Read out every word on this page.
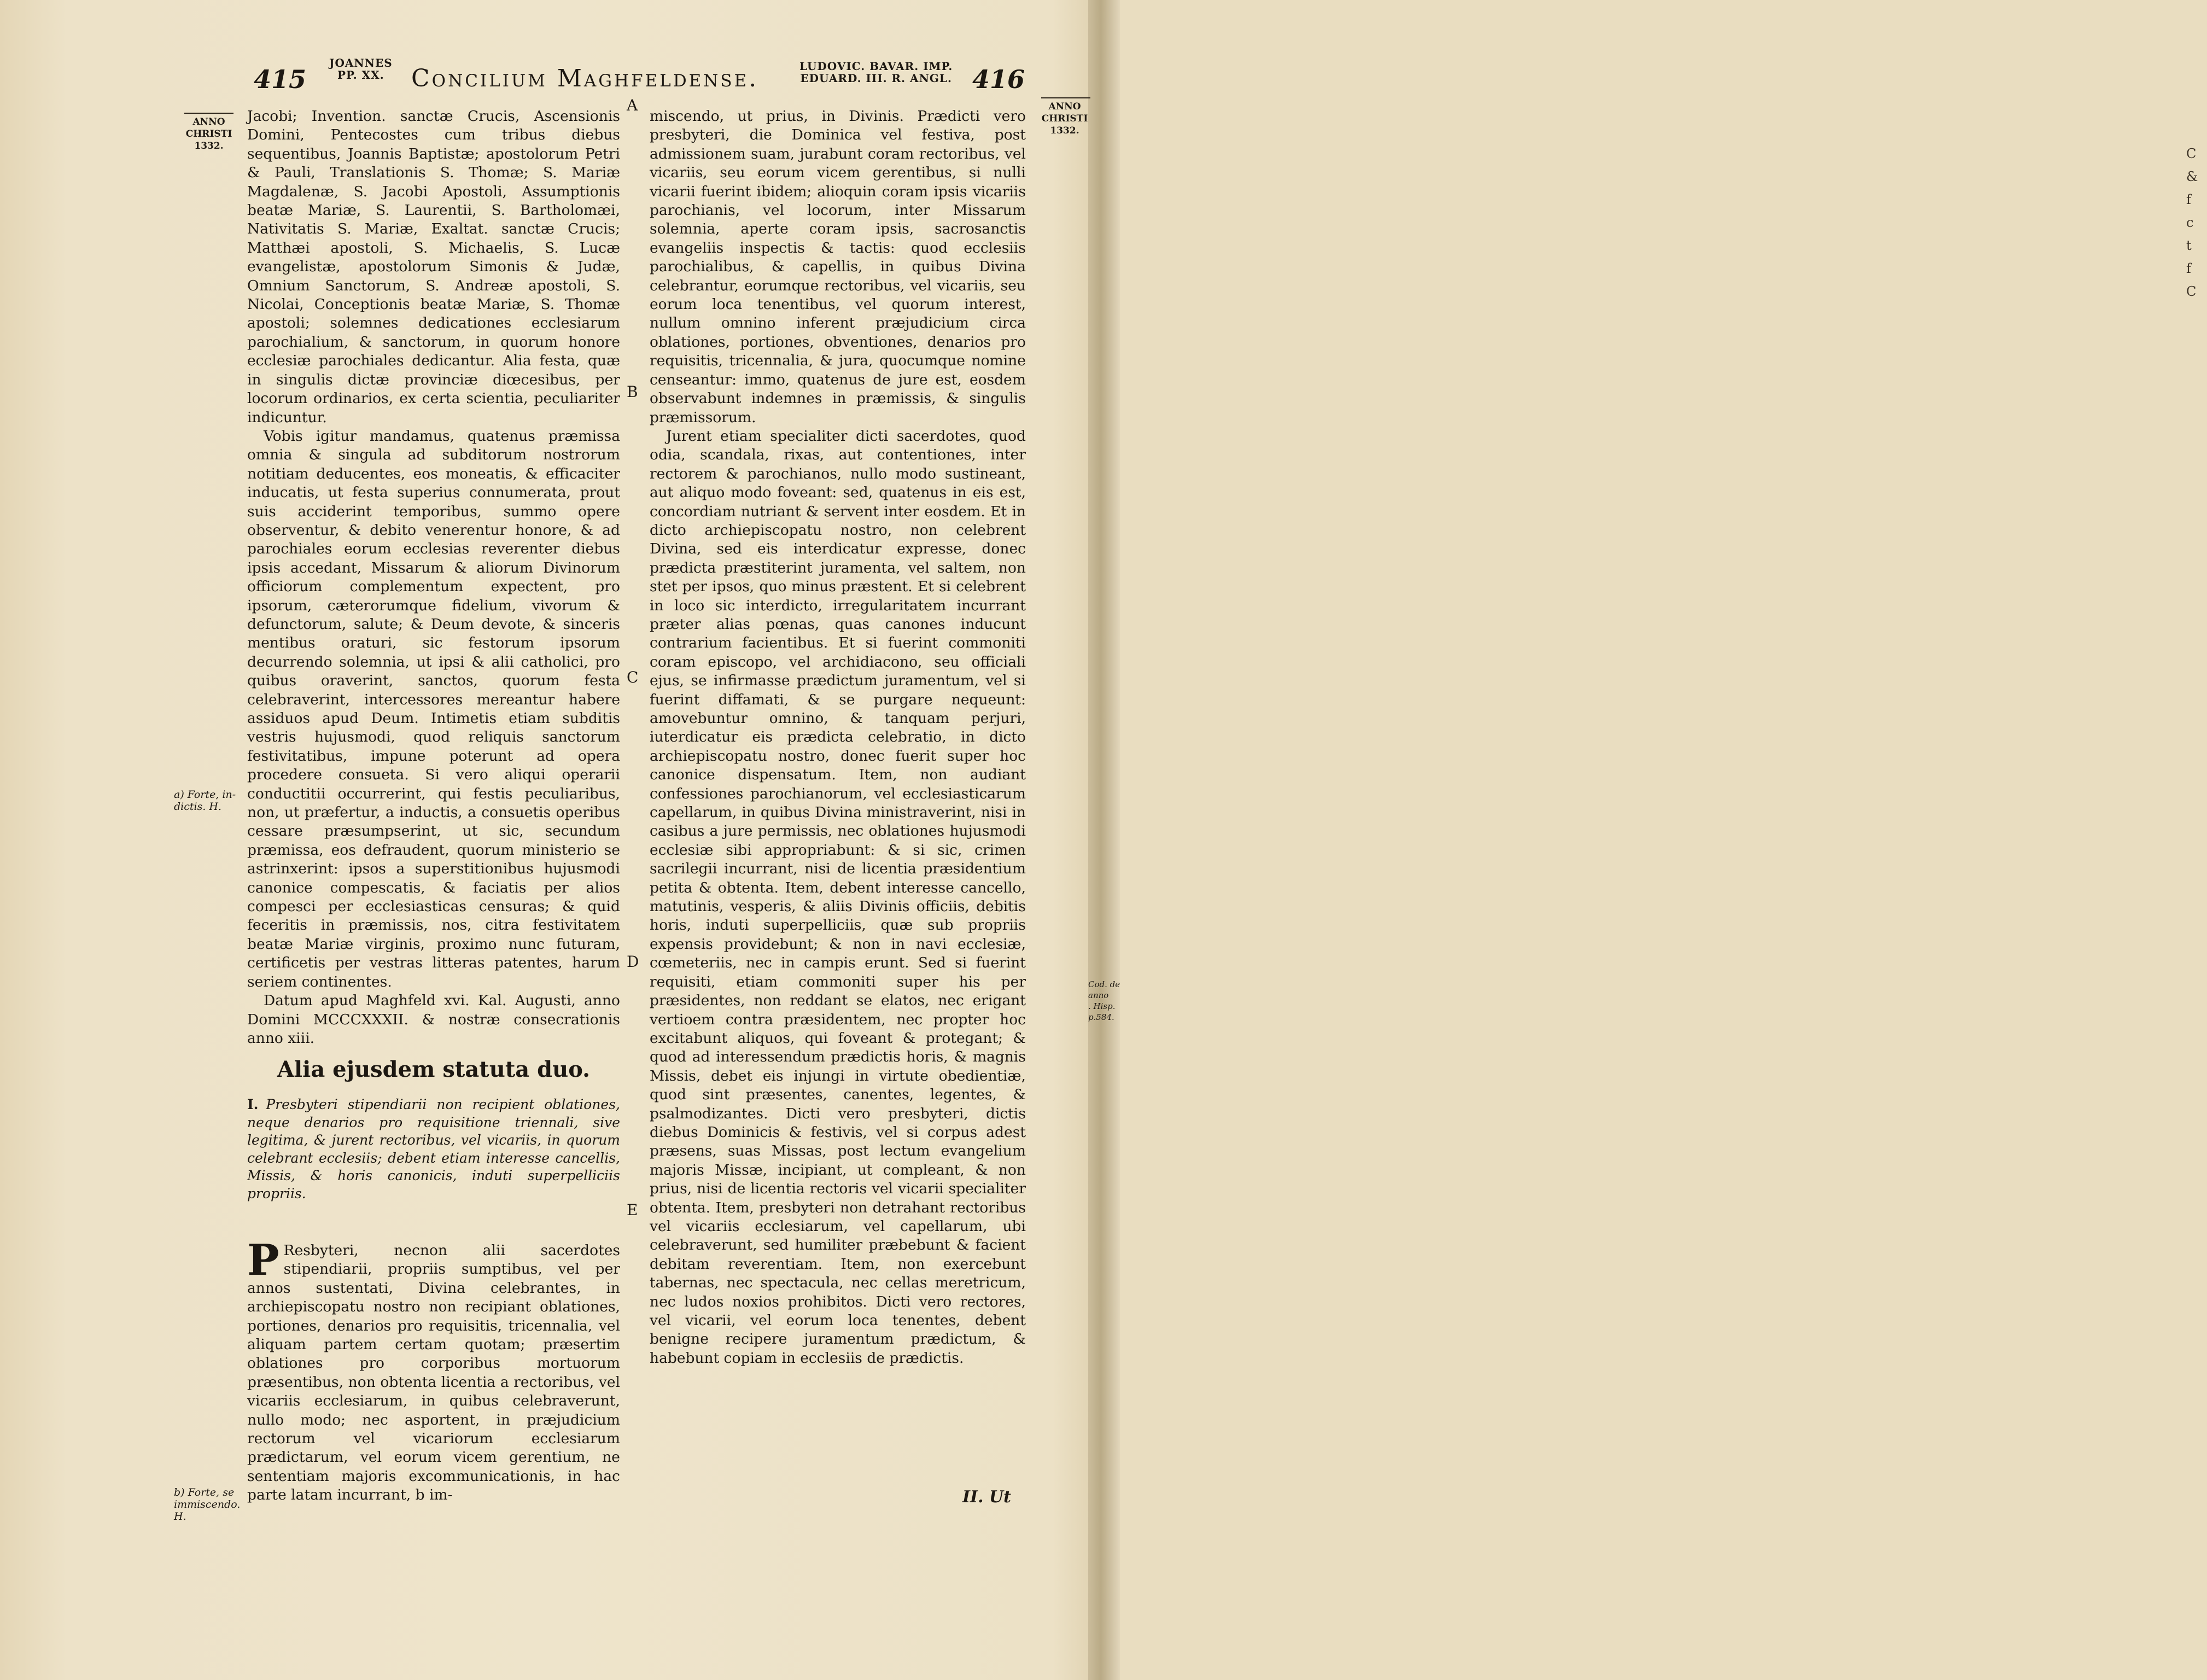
C
&
f
c
t
f
C
415
JOANNES
PP. XX.	Concilium Maghfeldense.	LUDOVIC. BAVAR. IMP.
EDUARD. III. R. ANGL. 416
ANNO
CHRISTI
1332.
ANNO
CHRISTI
1332.
a) Forte, in-
dictis. H.
b) Forte, se
immiscendo.
H.
Cod. de
anno
. Hisp.
p.584.
A
B
C
D
E

Jacobi; Invention. sanctæ Crucis, Ascensionis Domini, Pentecostes cum tribus diebus sequentibus, Joannis Baptistæ; apostolorum Petri & Pauli, Translationis S. Thomæ; S. Mariæ Magdalenæ, S. Jacobi Apostoli, Assumptionis beatæ Mariæ, S. Laurentii, S. Bartholomæi, Nativitatis S. Mariæ, Exaltat. sanctæ Crucis; Matthæi apostoli, S. Michaelis, S. Lucæ evangelistæ, apostolorum Simonis & Judæ, Omnium Sanctorum, S. Andreæ apostoli, S. Nicolai, Conceptionis beatæ Mariæ, S. Thomæ apostoli; solemnes dedicationes ecclesiarum parochialium, & sanctorum, in quorum honore ecclesiæ parochiales dedicantur. Alia festa, quæ in singulis dictæ provinciæ diœcesibus, per locorum ordinarios, ex certa scientia, peculiariter indicuntur.

Vobis igitur mandamus, quatenus præmissa omnia & singula ad subditorum nostrorum notitiam deducentes, eos moneatis, & efficaciter inducatis, ut festa superius connumerata, prout suis acciderint temporibus, summo opere observentur, & debito venerentur honore, & ad parochiales eorum ecclesias reverenter diebus ipsis accedant, Missarum & aliorum Divinorum officiorum complementum expectent, pro ipsorum, cæterorumque fidelium, vivorum & defunctorum, salute; & Deum devote, & sinceris mentibus oraturi, sic festorum ipsorum decurrendo solemnia, ut ipsi & alii catholici, pro quibus oraverint, sanctos, quorum festa celebraverint, intercessores mereantur habere assiduos apud Deum. Intimetis etiam subditis vestris hujusmodi, quod reliquis sanctorum festivitatibus, impune poterunt ad opera procedere consueta. Si vero aliqui operarii conductitii occurrerint, qui festis peculiaribus, non, ut præfertur, a inductis, a consuetis operibus cessare præsumpserint, ut sic, secundum præmissa, eos defraudent, quorum ministerio se astrinxerint: ipsos a superstitionibus hujusmodi canonice compescatis, & faciatis per alios compesci per ecclesiasticas censuras; & quid feceritis in præmissis, nos, citra festivitatem beatæ Mariæ virginis, proximo nunc futuram, certificetis per vestras litteras patentes, harum seriem continentes.

Datum apud Maghfeld xvi. Kal. Augusti, anno Domini MCCCXXXII. & nostræ consecrationis anno xiii.

Alia ejusdem statuta duo.
I. Presbyteri stipendiarii non recipient oblationes, neque denarios pro requisitione triennali, sive legitima, & jurent rectoribus, vel vicariis, in quorum celebrant ecclesiis; debent etiam interesse cancellis, Missis, & horis canonicis, induti superpelliciis propriis.

P Resbyteri, necnon alii sacerdotes stipendiarii, propriis sumptibus, vel per annos sustentati, Divina celebrantes, in archiepiscopatu nostro non recipiant oblationes, portiones, denarios pro requisitis, tricennalia, vel aliquam partem certam quotam; præsertim oblationes pro corporibus mortuorum præsentibus, non obtenta licentia a rectoribus, vel vicariis ecclesiarum, in quibus celebraverunt, nullo modo; nec asportent, in præjudicium rectorum vel vicariorum ecclesiarum prædictarum, vel eorum vicem gerentium, ne sententiam majoris excommunicationis, in hac parte latam incurrant, b im-

miscendo, ut prius, in Divinis. Prædicti vero presbyteri, die Dominica vel festiva, post admissionem suam, jurabunt coram rectoribus, vel vicariis, seu eorum vicem gerentibus, si nulli vicarii fuerint ibidem; alioquin coram ipsis vicariis parochianis, vel locorum, inter Missarum solemnia, aperte coram ipsis, sacrosanctis evangeliis inspectis & tactis: quod ecclesiis parochialibus, & capellis, in quibus Divina celebrantur, eorumque rectoribus, vel vicariis, seu eorum loca tenentibus, vel quorum interest, nullum omnino inferent præjudicium circa oblationes, portiones, obventiones, denarios pro requisitis, tricennalia, & jura, quocumque nomine censeantur: immo, quatenus de jure est, eosdem observabunt indemnes in præmissis, & singulis præmissorum.

Jurent etiam specialiter dicti sacerdotes, quod odia, scandala, rixas, aut contentiones, inter rectorem & parochianos, nullo modo sustineant, aut aliquo modo foveant: sed, quatenus in eis est, concordiam nutriant & servent inter eosdem. Et in dicto archiepiscopatu nostro, non celebrent Divina, sed eis interdicatur expresse, donec prædicta præstiterint juramenta, vel saltem, non stet per ipsos, quo minus præstent. Et si celebrent in loco sic interdicto, irregularitatem incurrant præter alias pœnas, quas canones inducunt contrarium facientibus. Et si fuerint commoniti coram episcopo, vel archidiacono, seu officiali ejus, se infirmasse prædictum juramentum, vel si fuerint diffamati, & se purgare nequeunt: amovebuntur omnino, & tanquam perjuri, iuterdicatur eis prædicta celebratio, in dicto archiepiscopatu nostro, donec fuerit super hoc canonice dispensatum. Item, non audiant confessiones parochianorum, vel ecclesiasticarum capellarum, in quibus Divina ministraverint, nisi in casibus a jure permissis, nec oblationes hujusmodi ecclesiæ sibi appropriabunt: & si sic, crimen sacrilegii incurrant, nisi de licentia præsidentium petita & obtenta. Item, debent interesse cancello, matutinis, vesperis, & aliis Divinis officiis, debitis horis, induti superpelliciis, quæ sub propriis expensis providebunt; & non in navi ecclesiæ, cœmeteriis, nec in campis erunt. Sed si fuerint requisiti, etiam commoniti super his per præsidentes, non reddant se elatos, nec erigant vertioem contra præsidentem, nec propter hoc excitabunt aliquos, qui foveant & protegant; & quod ad interessendum prædictis horis, & magnis Missis, debet eis injungi in virtute obedientiæ, quod sint præsentes, canentes, legentes, & psalmodizantes. Dicti vero presbyteri, dictis diebus Dominicis & festivis, vel si corpus adest præsens, suas Missas, post lectum evangelium majoris Missæ, incipiant, ut compleant, & non prius, nisi de licentia rectoris vel vicarii specialiter obtenta. Item, presbyteri non detrahant rectoribus vel vicariis ecclesiarum, vel capellarum, ubi celebraverunt, sed humiliter præbebunt & facient debitam reverentiam. Item, non exercebunt tabernas, nec spectacula, nec cellas meretricum, nec ludos noxios prohibitos. Dicti vero rectores, vel vicarii, vel eorum loca tenentes, debent benigne recipere juramentum prædictum, & habebunt copiam in ecclesiis de prædictis.

II. Ut
